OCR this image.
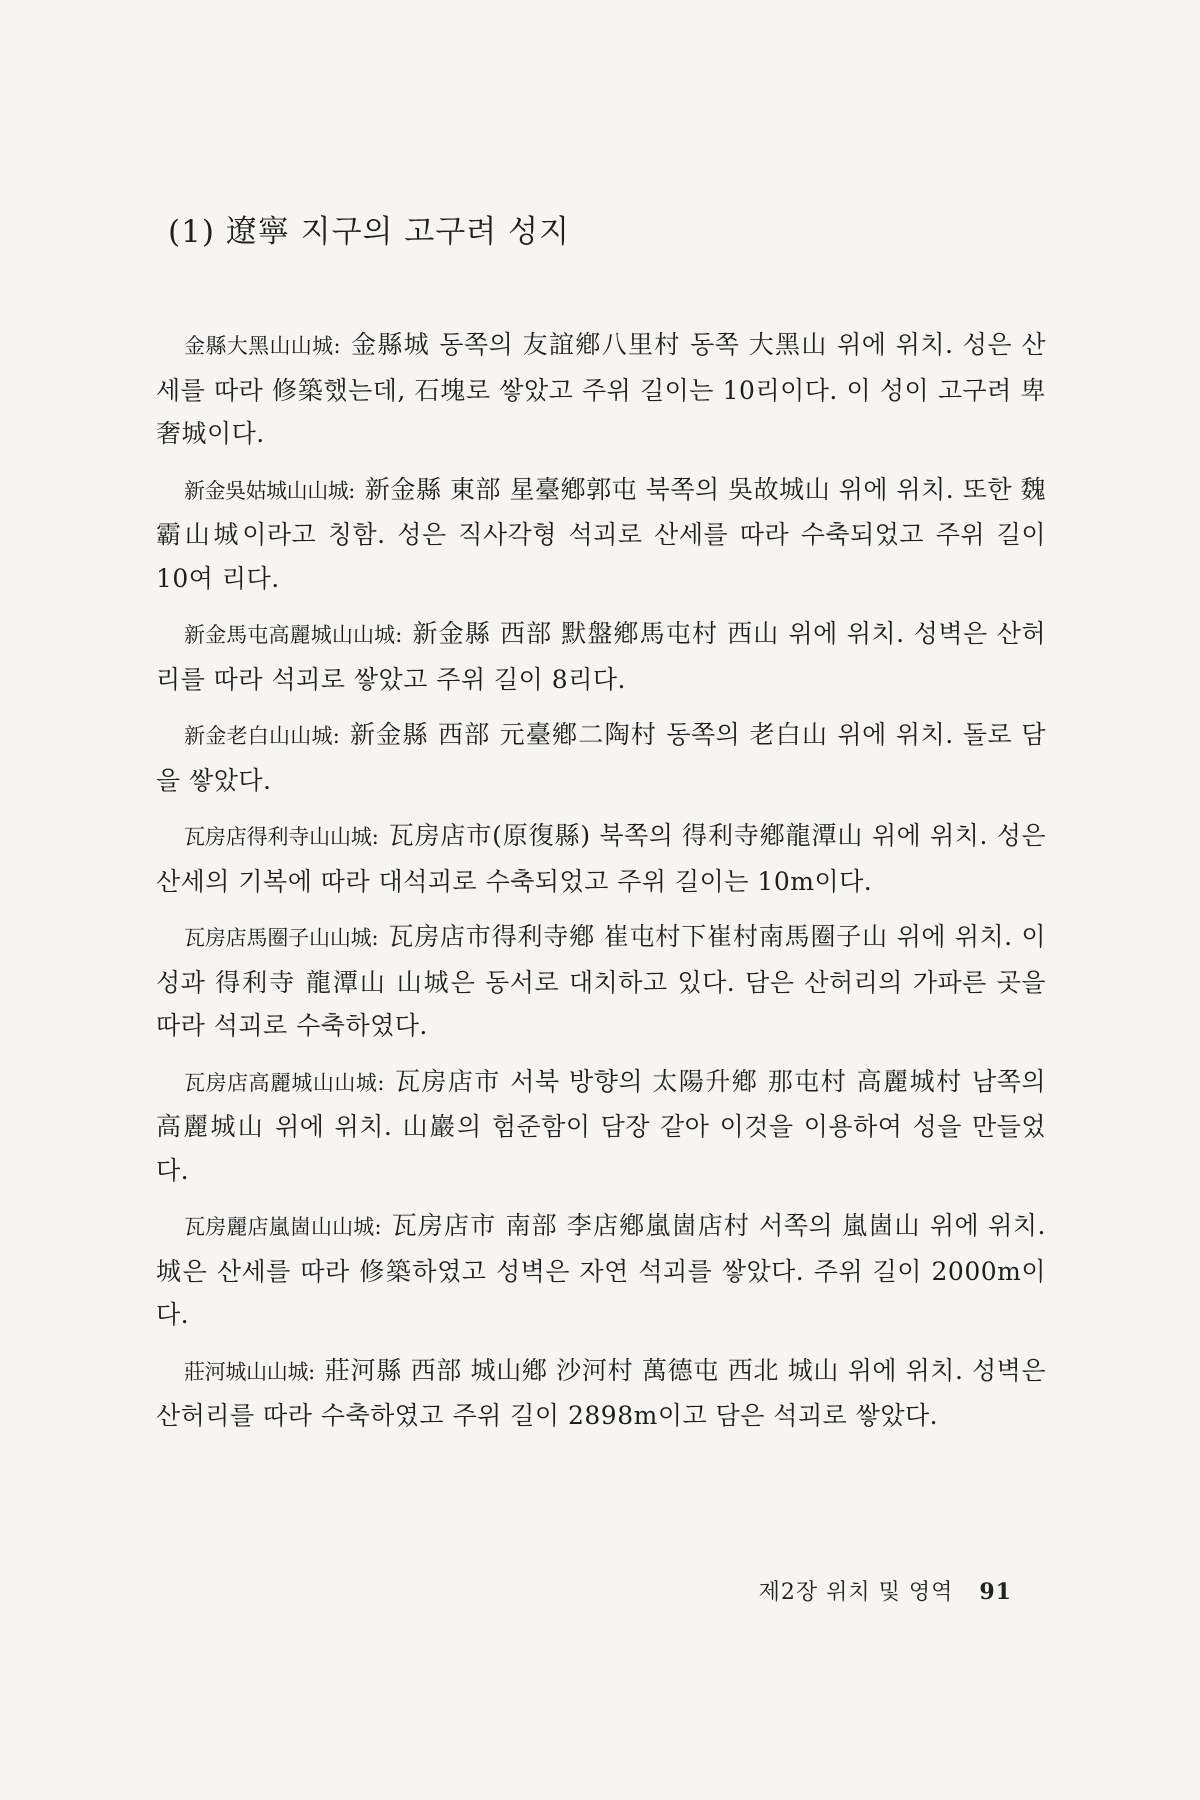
(1) 遼寧 지구의 고구려 성지

金縣大黑山山城: 金縣城 동쪽의 友誼鄕八里村 동쪽 大黑山 위에 위치. 성은 산세를 따라 修築했는데, 石塊로 쌓았고 주위 길이는 10리이다. 이 성이 고구려 卑奢城이다.

新金吳姑城山山城: 新金縣 東部 星臺鄕郭屯 북쪽의 吳故城山 위에 위치. 또한 魏霸山城이라고 칭함. 성은 직사각형 석괴로 산세를 따라 수축되었고 주위 길이 10여 리다.

新金馬屯高麗城山山城: 新金縣 西部 默盤鄕馬屯村 西山 위에 위치. 성벽은 산허리를 따라 석괴로 쌓았고 주위 길이 8리다.

新金老白山山城: 新金縣 西部 元臺鄕二陶村 동쪽의 老白山 위에 위치. 돌로 담을 쌓았다.

瓦房店得利寺山山城: 瓦房店市(原復縣) 북쪽의 得利寺鄕龍潭山 위에 위치. 성은 산세의 기복에 따라 대석괴로 수축되었고 주위 길이는 10m이다.

瓦房店馬圈子山山城: 瓦房店市得利寺鄕 崔屯村下崔村南馬圈子山 위에 위치. 이 성과 得利寺 龍潭山 山城은 동서로 대치하고 있다. 담은 산허리의 가파른 곳을 따라 석괴로 수축하였다.

瓦房店高麗城山山城: 瓦房店市 서북 방향의 太陽升鄕 那屯村 高麗城村 남쪽의 高麗城山 위에 위치. 山巖의 험준함이 담장 같아 이것을 이용하여 성을 만들었다.

瓦房麗店嵐崮山山城: 瓦房店市 南部 李店鄕嵐崮店村 서쪽의 嵐崮山 위에 위치. 城은 산세를 따라 修築하였고 성벽은 자연 석괴를 쌓았다. 주위 길이 2000m이다.

莊河城山山城: 莊河縣 西部 城山鄕 沙河村 萬德屯 西北 城山 위에 위치. 성벽은 산허리를 따라 수축하였고 주위 길이 2898m이고 담은 석괴로 쌓았다.

제2장 위치 및 영역 91
